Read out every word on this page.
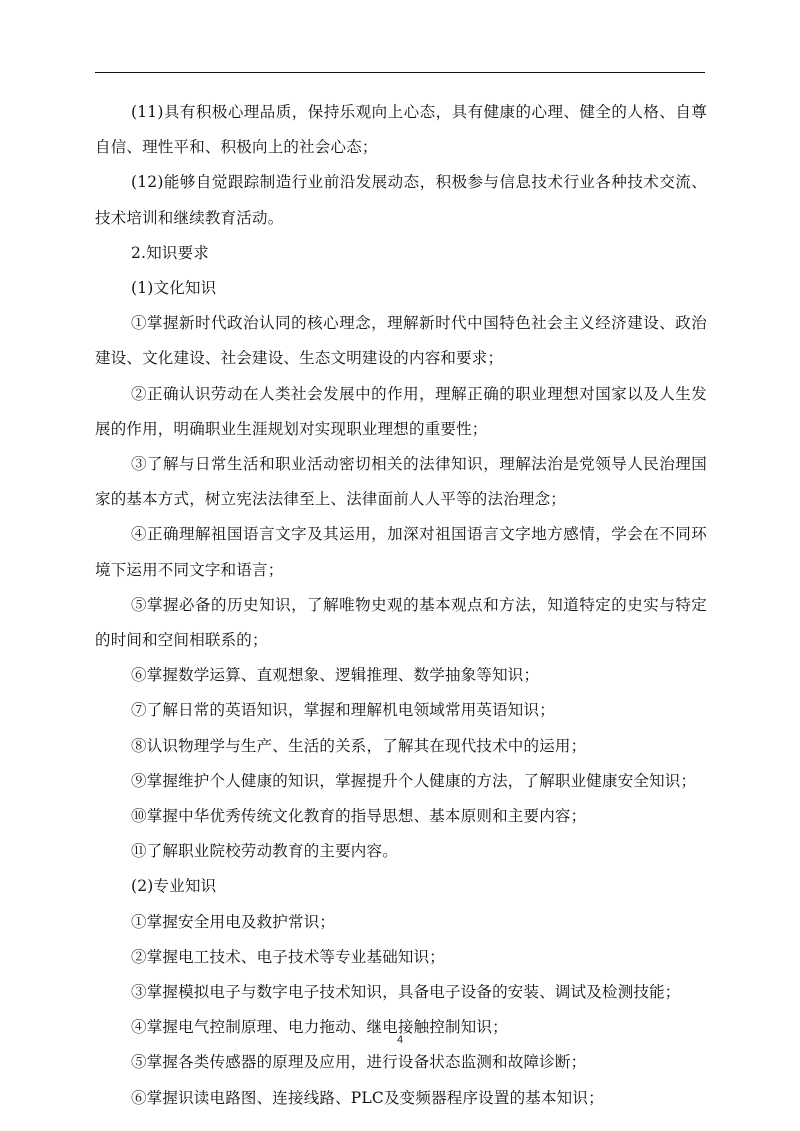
(11)具有积极心理品质，保持乐观向上心态，具有健康的心理、健全的人格、自尊自信、理性平和、积极向上的社会心态；

(12)能够自觉跟踪制造行业前沿发展动态，积极参与信息技术行业各种技术交流、技术培训和继续教育活动。

2.知识要求

(1)文化知识

①掌握新时代政治认同的核心理念，理解新时代中国特色社会主义经济建设、政治建设、文化建设、社会建设、生态文明建设的内容和要求；

②正确认识劳动在人类社会发展中的作用，理解正确的职业理想对国家以及人生发展的作用，明确职业生涯规划对实现职业理想的重要性；

③了解与日常生活和职业活动密切相关的法律知识，理解法治是党领导人民治理国家的基本方式，树立宪法法律至上、法律面前人人平等的法治理念；

④正确理解祖国语言文字及其运用，加深对祖国语言文字地方感情，学会在不同环境下运用不同文字和语言；

⑤掌握必备的历史知识，了解唯物史观的基本观点和方法，知道特定的史实与特定的时间和空间相联系的；

⑥掌握数学运算、直观想象、逻辑推理、数学抽象等知识；

⑦了解日常的英语知识，掌握和理解机电领域常用英语知识；

⑧认识物理学与生产、生活的关系，了解其在现代技术中的运用；

⑨掌握维护个人健康的知识，掌握提升个人健康的方法，了解职业健康安全知识；

⑩掌握中华优秀传统文化教育的指导思想、基本原则和主要内容；

⑪了解职业院校劳动教育的主要内容。

(2)专业知识

①掌握安全用电及救护常识；

②掌握电工技术、电子技术等专业基础知识；

③掌握模拟电子与数字电子技术知识，具备电子设备的安装、调试及检测技能；

④掌握电气控制原理、电力拖动、继电接触控制知识；

⑤掌握各类传感器的原理及应用，进行设备状态监测和故障诊断；

⑥掌握识读电路图、连接线路、PLC及变频器程序设置的基本知识；

4
